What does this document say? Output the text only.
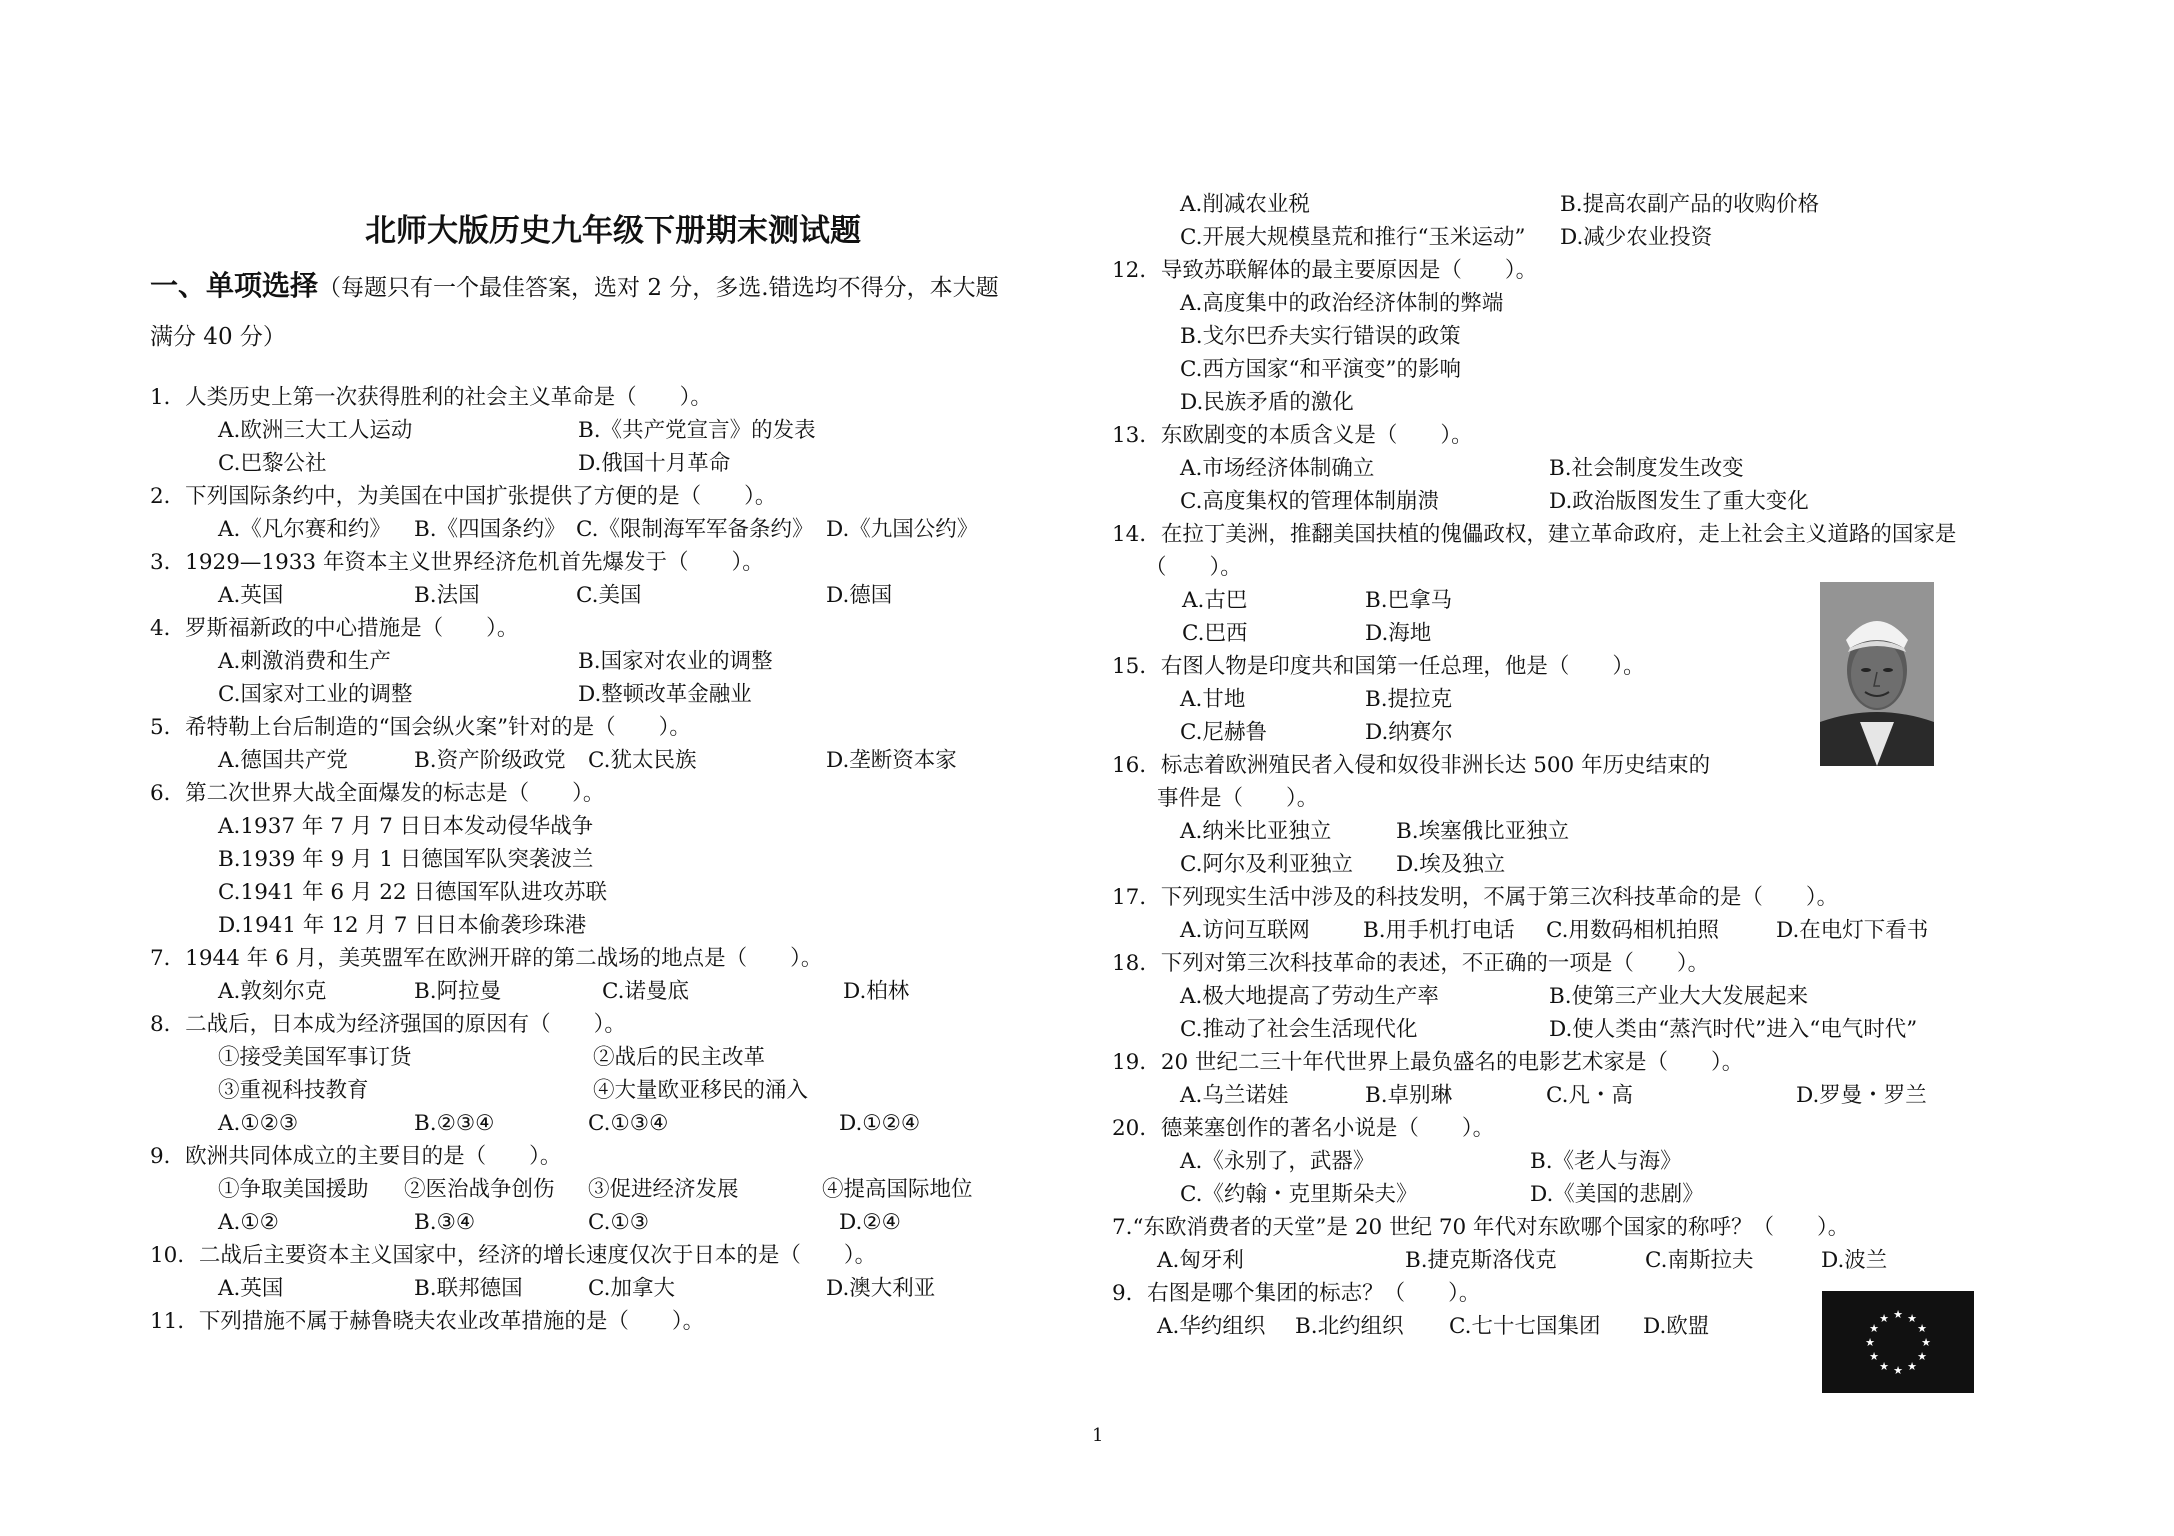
北师大版历史九年级下册期末测试题
一、单项选择（每题只有一个最佳答案，选对 2 分，多选.错选均不得分，本大题
满分 40 分）
1．人类历史上第一次获得胜利的社会主义革命是（　　）。
A.欧洲三大工人运动	B.《共产党宣言》的发表
C.巴黎公社	D.俄国十月革命
2．下列国际条约中，为美国在中国扩张提供了方便的是（　　）。
A.《凡尔赛和约》 B.《四国条约》 C.《限制海军军备条约》 D.《九国公约》
3．1929—1933 年资本主义世界经济危机首先爆发于（　　）。
A.英国	B.法国	C.美国	D.德国
4．罗斯福新政的中心措施是（　　）。
A.刺激消费和生产	B.国家对农业的调整
C.国家对工业的调整	D.整顿改革金融业
5．希特勒上台后制造的“国会纵火案”针对的是（　　）。
A.德国共产党	B.资产阶级政党 C.犹太民族	D.垄断资本家
6．第二次世界大战全面爆发的标志是（　　）。
A.1937 年 7 月 7 日日本发动侵华战争
B.1939 年 9 月 1 日德国军队突袭波兰
C.1941 年 6 月 22 日德国军队进攻苏联
D.1941 年 12 月 7 日日本偷袭珍珠港
7．1944 年 6 月，美英盟军在欧洲开辟的第二战场的地点是（　　）。
A.敦刻尔克	B.阿拉曼	C.诺曼底	D.柏林
8．二战后，日本成为经济强国的原因有（　　）。
①接受美国军事订货	②战后的民主改革
③重视科技教育	④大量欧亚移民的涌入
A.①②③	B.②③④	C.①③④	D.①②④
9．欧洲共同体成立的主要目的是（　　）。
①争取美国援助 ②医治战争创伤 ③促进经济发展	④提高国际地位
A.①②	B.③④	C.①③	D.②④
10．二战后主要资本主义国家中，经济的增长速度仅次于日本的是（　　）。
A.英国	B.联邦德国	C.加拿大	D.澳大利亚
11．下列措施不属于赫鲁晓夫农业改革措施的是（　　）。
A.削减农业税	B.提高农副产品的收购价格
C.开展大规模垦荒和推行“玉米运动” D.减少农业投资
12．导致苏联解体的最主要原因是（　　）。
A.高度集中的政治经济体制的弊端
B.戈尔巴乔夫实行错误的政策
C.西方国家“和平演变”的影响
D.民族矛盾的激化
13．东欧剧变的本质含义是（　　）。
A.市场经济体制确立	B.社会制度发生改变
C.高度集权的管理体制崩溃	D.政治版图发生了重大变化
14．在拉丁美洲，推翻美国扶植的傀儡政权，建立革命政府，走上社会主义道路的国家是
（　　）。
A.古巴	B.巴拿马
C.巴西	D.海地
15．右图人物是印度共和国第一任总理，他是（　　）。
A.甘地	B.提拉克
C.尼赫鲁	D.纳赛尔
16．标志着欧洲殖民者入侵和奴役非洲长达 500 年历史结束的
事件是（　　）。
A.纳米比亚独立	B.埃塞俄比亚独立
C.阿尔及利亚独立 D.埃及独立
17．下列现实生活中涉及的科技发明，不属于第三次科技革命的是（　　）。
A.访问互联网 B.用手机打电话 C.用数码相机拍照	D.在电灯下看书
18．下列对第三次科技革命的表述，不正确的一项是（　　）。
A.极大地提高了劳动生产率	B.使第三产业大大发展起来
C.推动了社会生活现代化	D.使人类由“蒸汽时代”进入“电气时代”
19．20 世纪二三十年代世界上最负盛名的电影艺术家是（　　）。
A.乌兰诺娃	B.卓别琳	C.凡・高	D.罗曼・罗兰
20．德莱塞创作的著名小说是（　　）。
A.《永别了，武器》	B.《老人与海》
C.《约翰・克里斯朵夫》	D.《美国的悲剧》
7.“东欧消费者的天堂”是 20 世纪 70 年代对东欧哪个国家的称呼？（　　）。
A.匈牙利	B.捷克斯洛伐克	C.南斯拉夫	D.波兰
9．右图是哪个集团的标志？（　　）。
A.华约组织 B.北约组织 C.七十七国集团 D.欧盟	★ ★
★
★
★
★
★
★
★
★
★
★
1
